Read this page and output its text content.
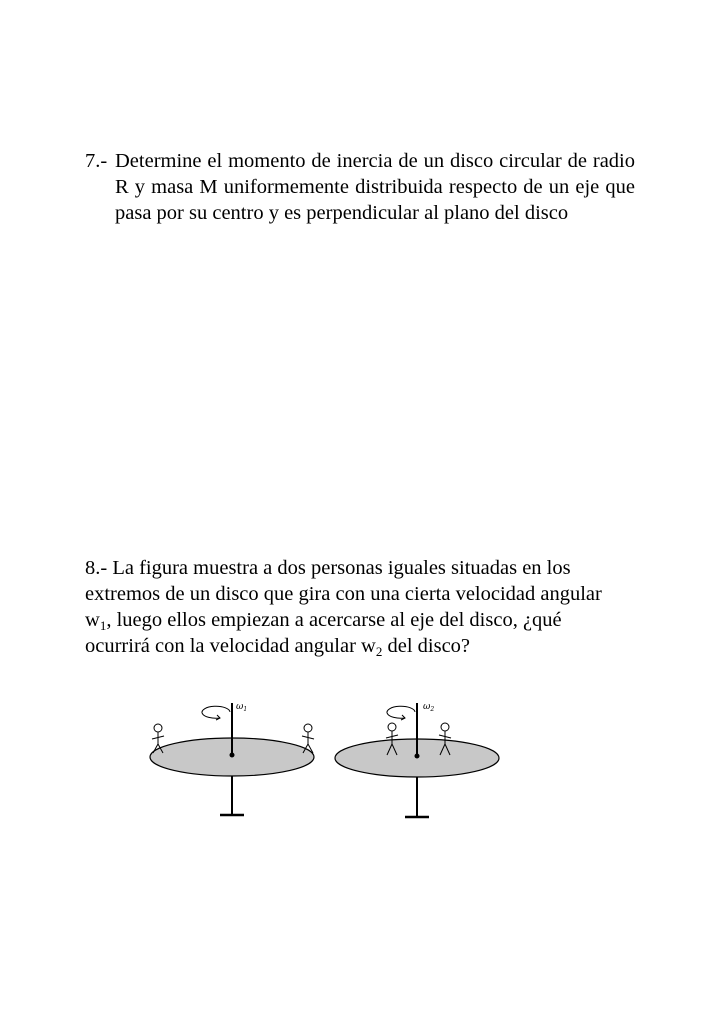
7.- Determine el momento de inercia de un disco circular de radio R y masa M uniformemente distribuida respecto de un eje que pasa por su centro y es perpendicular al plano del disco
8.- La figura muestra a dos personas iguales situadas en los
extremos de un disco que gira con una cierta velocidad angular
$w_1$, luego ellos empiezan a acercarse al eje del disco, ¿qué
ocurrirá con la velocidad angular $w_2$ del disco?
$\omega_1$	$\omega_2$
